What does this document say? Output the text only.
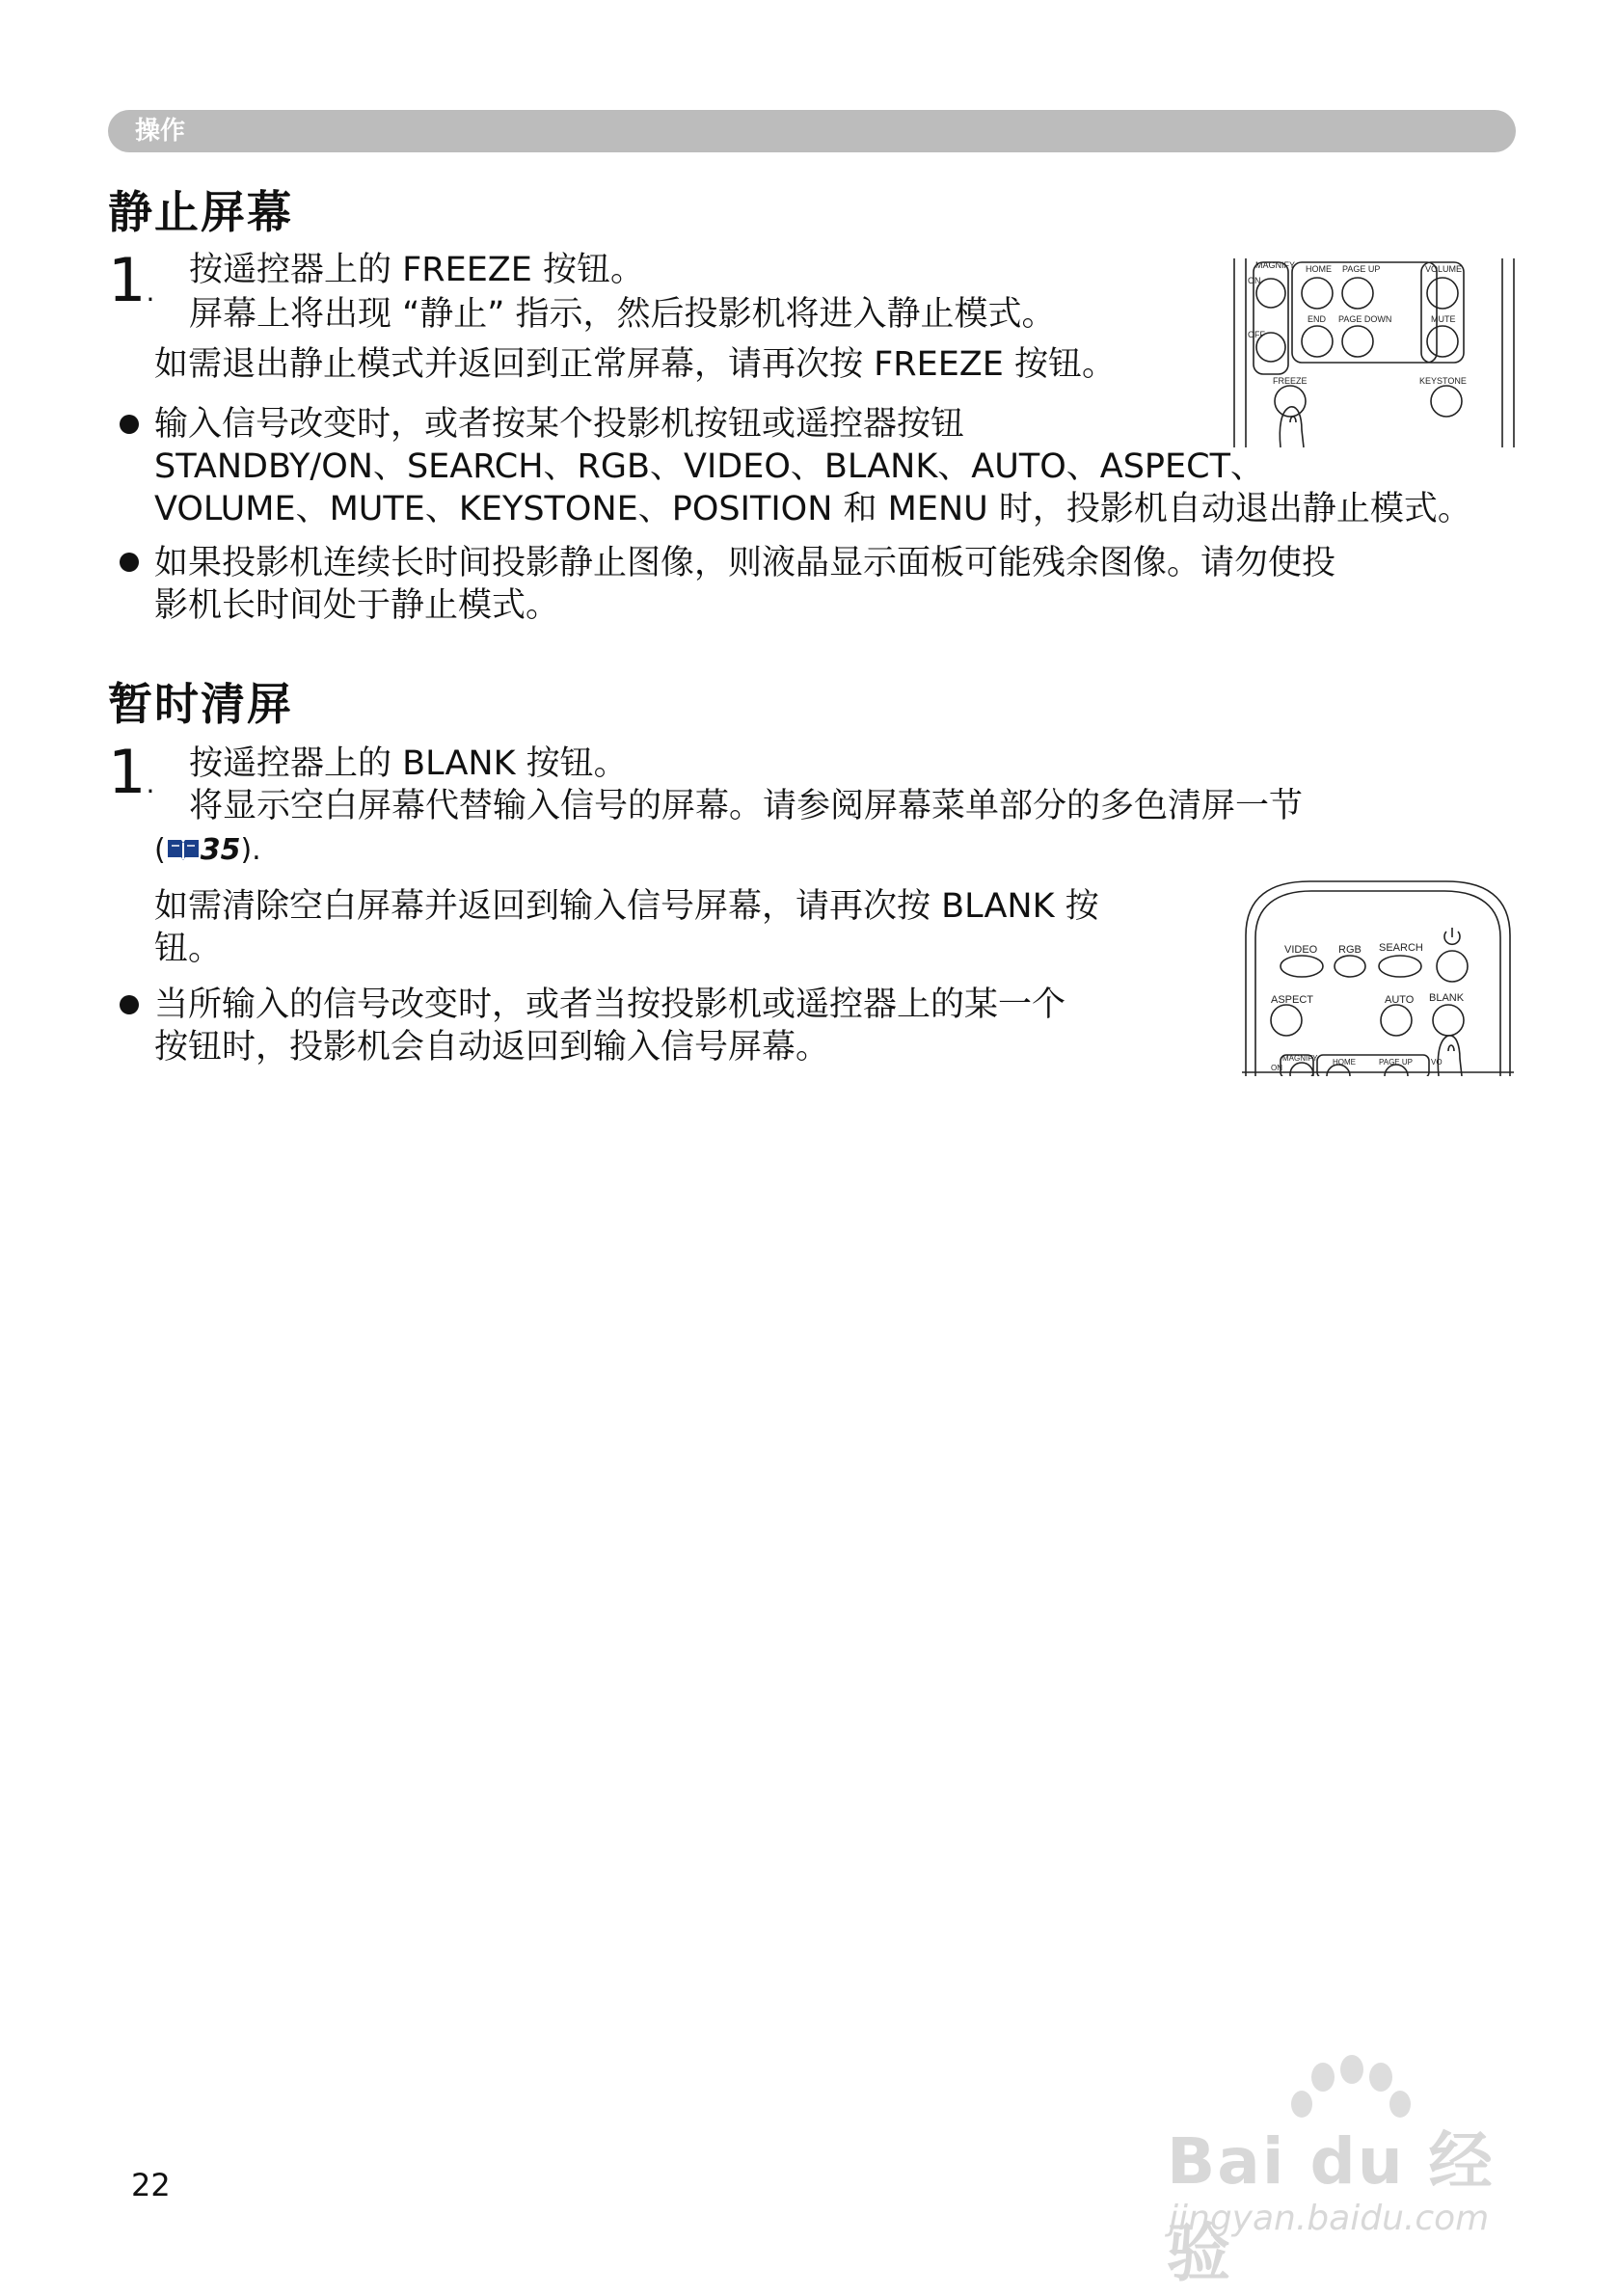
操作
静止屏幕
1.
按遥控器上的 FREEZE 按钮。
屏幕上将出现 “静止” 指示，然后投影机将进入静止模式。
如需退出静止模式并返回到正常屏幕，请再次按 FREEZE 按钮。
输入信号改变时，或者按某个投影机按钮或遥控器按钮
STANDBY/ON、SEARCH、RGB、VIDEO、BLANK、AUTO、ASPECT、
VOLUME、MUTE、KEYSTONE、POSITION 和 MENU 时，投影机自动退出静止模式。
如果投影机连续长时间投影静止图像，则液晶显示面板可能残余图像。请勿使投
影机长时间处于静止模式。
MAGNIFY
ON
OFF
HOME PAGE UP	VOLUME
END PAGE DOWN	MUTE
FREEZE	KEYSTONE
暂时清屏
1.
按遥控器上的 BLANK 按钮。
将显示空白屏幕代替输入信号的屏幕。请参阅屏幕菜单部分的多色清屏一节
( 35).
如需清除空白屏幕并返回到输入信号屏幕，请再次按 BLANK 按
钮。
当所输入的信号改变时，或者当按投影机或遥控器上的某一个
按钮时，投影机会自动返回到输入信号屏幕。
VIDEO RGB SEARCH
ASPECT	AUTO BLANK
MAGNIFY
ON
HOME	PAGE UP VO
22	Bai du 经验
jingyan.baidu.com
